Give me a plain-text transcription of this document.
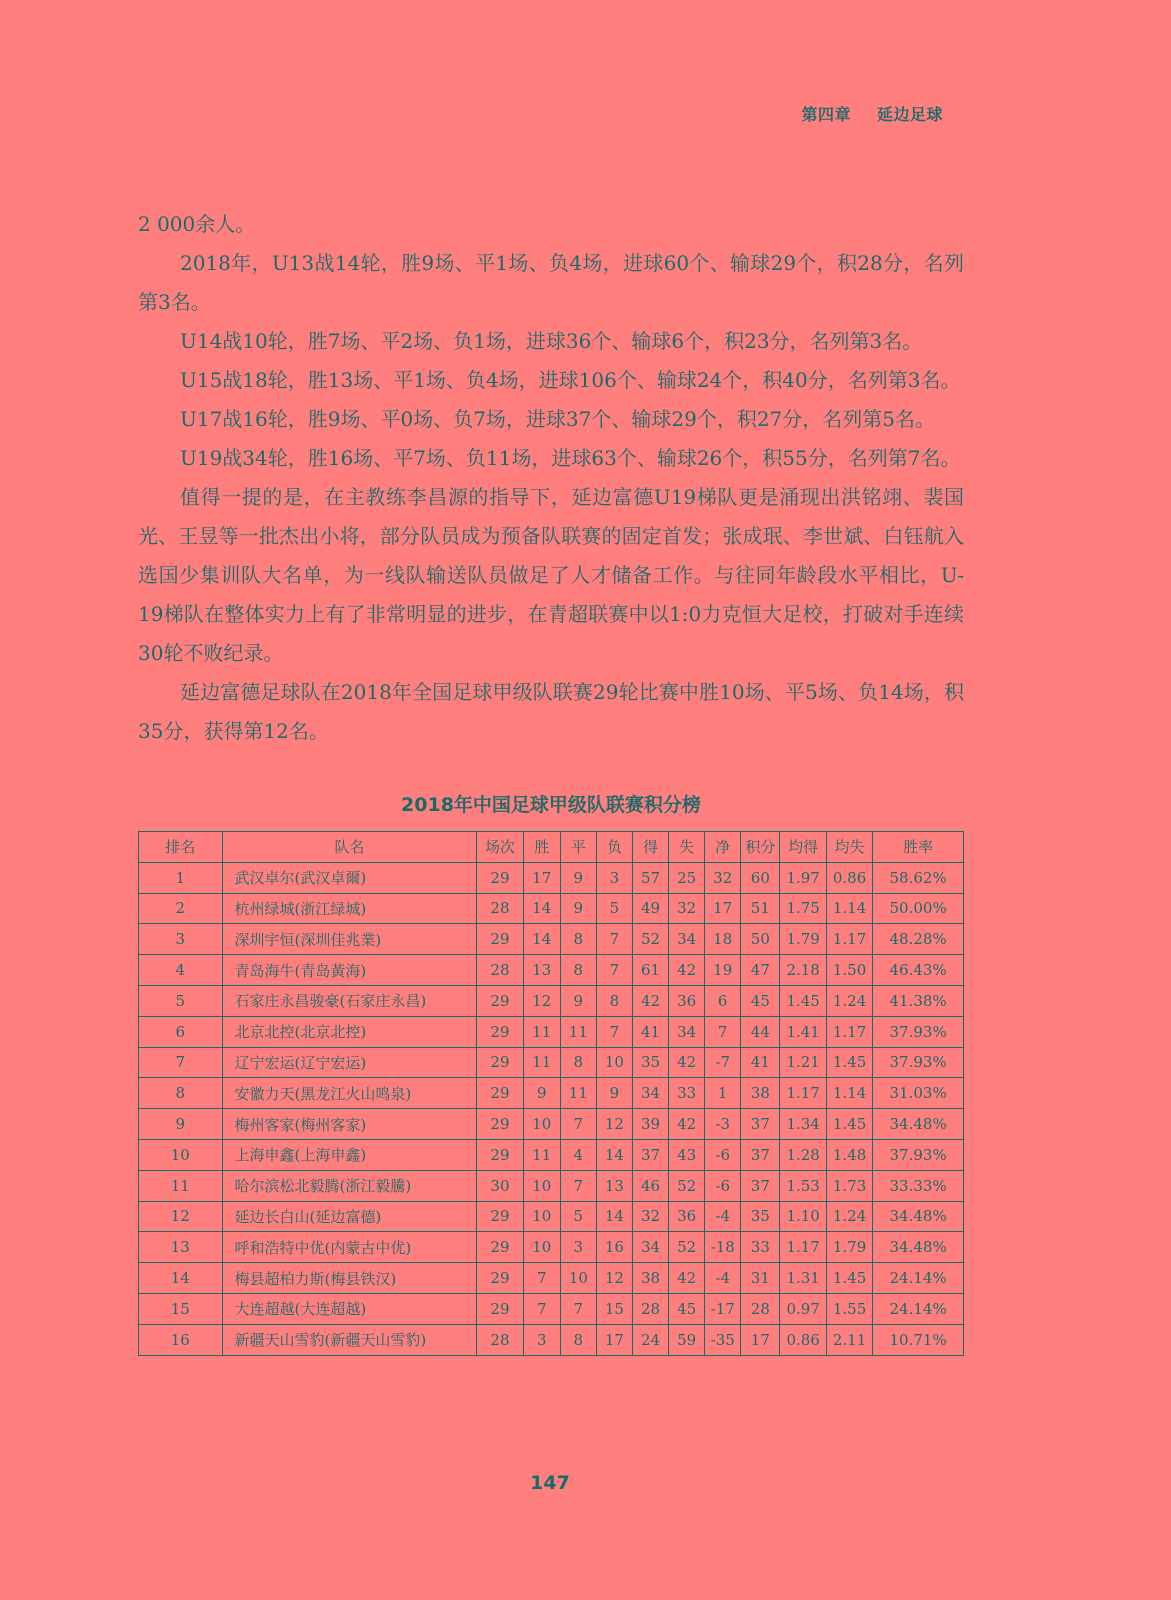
第四章 延边足球

2 000余人。

2018年，U13战14轮，胜9场、平1场、负4场，进球60个、输球29个，积28分，名列第3名。

U14战10轮，胜7场、平2场、负1场，进球36个、输球6个，积23分，名列第3名。

U15战18轮，胜13场、平1场、负4场，进球106个、输球24个，积40分，名列第3名。

U17战16轮，胜9场、平0场、负7场，进球37个、输球29个，积27分，名列第5名。

U19战34轮，胜16场、平7场、负11场，进球63个、输球26个，积55分，名列第7名。

值得一提的是，在主教练李昌源的指导下，延边富德U19梯队更是涌现出洪铭翊、裴国光、王昱等一批杰出小将，部分队员成为预备队联赛的固定首发；张成珉、李世斌、白钰航入选国少集训队大名单，为一线队输送队员做足了人才储备工作。与往同年龄段水平相比，U-19梯队在整体实力上有了非常明显的进步，在青超联赛中以1:0力克恒大足校，打破对手连续30轮不败纪录。

延边富德足球队在2018年全国足球甲级队联赛29轮比赛中胜10场、平5场、负14场，积35分，获得第12名。

2018年中国足球甲级队联赛积分榜
排名	队名	场次	胜	平	负	得	失	净	积分	均得	均失	胜率
1	武汉卓尔(武汉卓爾)	29	17	9	3	57	25	32	60	1.97	0.86	58.62%
2	杭州绿城(浙江绿城)	28	14	9	5	49	32	17	51	1.75	1.14	50.00%
3	深圳宇恒(深圳佳兆業)	29	14	8	7	52	34	18	50	1.79	1.17	48.28%
4	青岛海牛(青岛黃海)	28	13	8	7	61	42	19	47	2.18	1.50	46.43%
5	石家庄永昌骏豪(石家庄永昌)	29	12	9	8	42	36	6	45	1.45	1.24	41.38%
6	北京北控(北京北控)	29	11	11	7	41	34	7	44	1.41	1.17	37.93%
7	辽宁宏运(辽宁宏运)	29	11	8	10	35	42	-7	41	1.21	1.45	37.93%
8	安徽力天(黑龙江火山鸣泉)	29	9	11	9	34	33	1	38	1.17	1.14	31.03%
9	梅州客家(梅州客家)	29	10	7	12	39	42	-3	37	1.34	1.45	34.48%
10	上海申鑫(上海申鑫)	29	11	4	14	37	43	-6	37	1.28	1.48	37.93%
11	哈尔滨松北毅腾(浙江毅騰)	30	10	7	13	46	52	-6	37	1.53	1.73	33.33%
12	延边长白山(延边富德)	29	10	5	14	32	36	-4	35	1.10	1.24	34.48%
13	呼和浩特中优(内蒙古中优)	29	10	3	16	34	52	-18	33	1.17	1.79	34.48%
14	梅县超柏力斯(梅县铁汉)	29	7	10	12	38	42	-4	31	1.31	1.45	24.14%
15	大连超越(大连超越)	29	7	7	15	28	45	-17	28	0.97	1.55	24.14%
16	新疆天山雪豹(新疆天山雪豹)	28	3	8	17	24	59	-35	17	0.86	2.11	10.71%
147
